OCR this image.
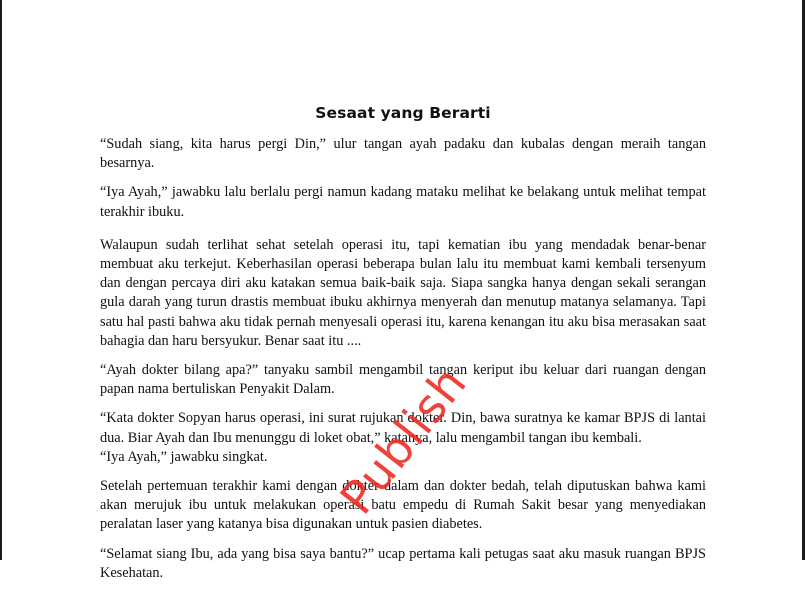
Sesaat yang Berarti

“Sudah siang, kita harus pergi Din,” ulur tangan ayah padaku dan kubalas dengan meraih tangan besarnya.

“Iya Ayah,” jawabku lalu berlalu pergi namun kadang mataku melihat ke belakang untuk melihat tempat terakhir ibuku.

Walaupun sudah terlihat sehat setelah operasi itu, tapi kematian ibu yang mendadak benar-benar membuat aku terkejut. Keberhasilan operasi beberapa bulan lalu itu membuat kami kembali tersenyum dan dengan percaya diri aku katakan semua baik-baik saja. Siapa sangka hanya dengan sekali serangan gula darah yang turun drastis membuat ibuku akhirnya menyerah dan menutup matanya selamanya. Tapi satu hal pasti bahwa aku tidak pernah menyesali operasi itu, karena kenangan itu aku bisa merasakan saat bahagia dan haru bersyukur. Benar saat itu ....

“Ayah dokter bilang apa?” tanyaku sambil mengambil tangan keriput ibu keluar dari ruangan dengan papan nama bertuliskan Penyakit Dalam.

“Kata dokter Sopyan harus operasi, ini surat rujukan dokter. Din, bawa suratnya ke kamar BPJS di lantai dua. Biar Ayah dan Ibu menunggu di loket obat,” katanya, lalu mengambil tangan ibu kembali.

“Iya Ayah,” jawabku singkat.

Setelah pertemuan terakhir kami dengan dokter dalam dan dokter bedah, telah diputuskan bahwa kami akan merujuk ibu untuk melakukan operasi batu empedu di Rumah Sakit besar yang menyediakan peralatan laser yang katanya bisa digunakan untuk pasien diabetes.

“Selamat siang Ibu, ada yang bisa saya bantu?” ucap pertama kali petugas saat aku masuk ruangan BPJS Kesehatan.

Publish
